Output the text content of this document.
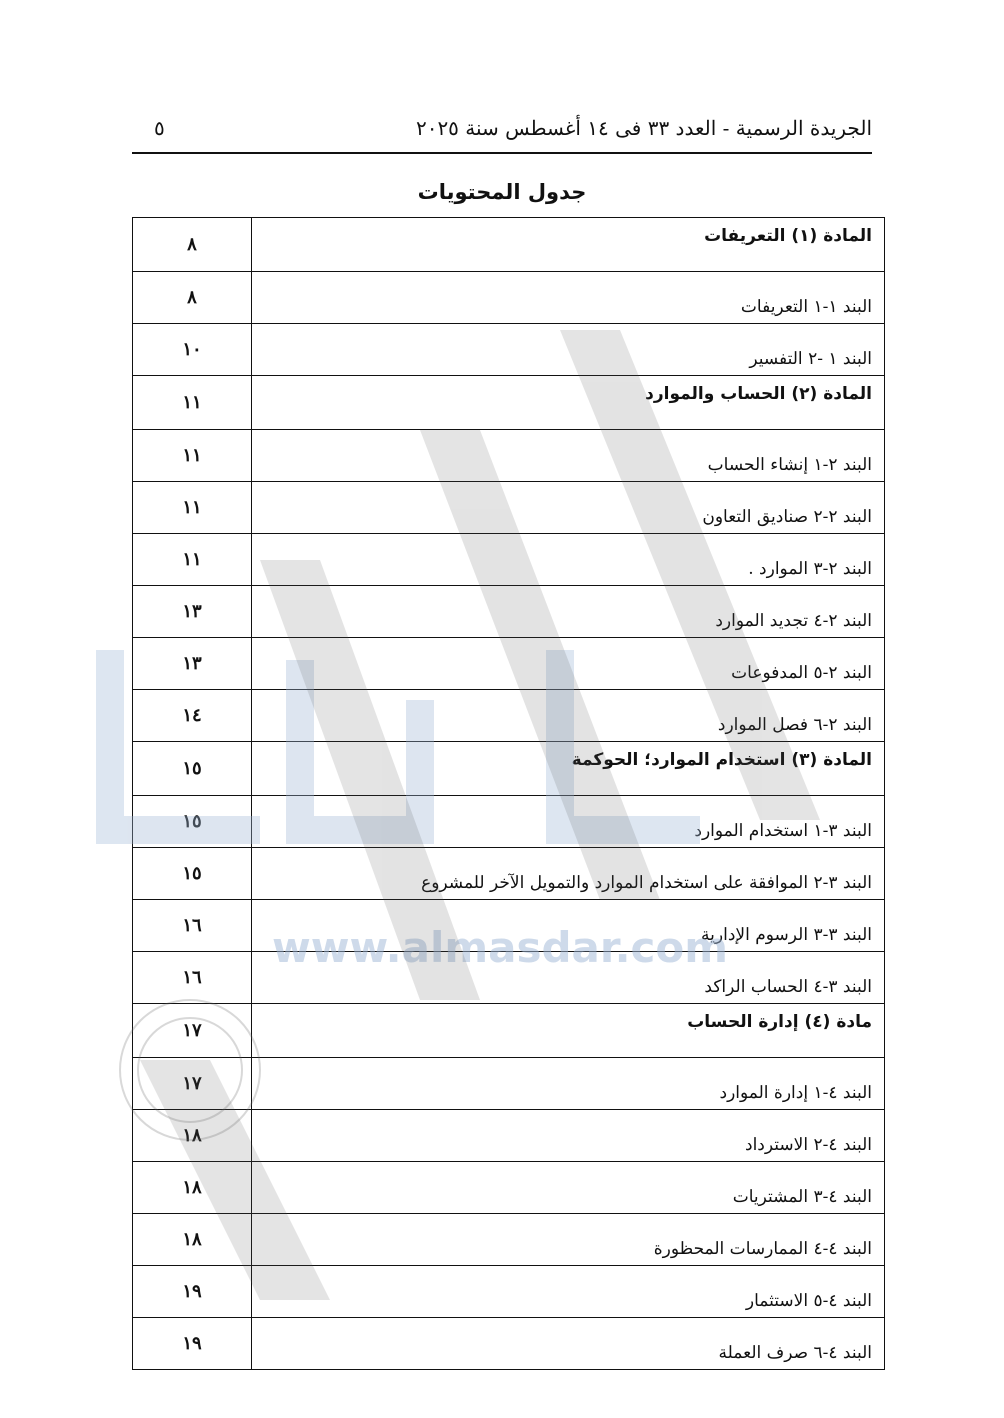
الجريدة الرسمية - العدد ٣٣ فى ١٤ أغسطس سنة ٢٠٢٥
٥
جدول المحتويات
المادة (١) التعريفات	٨
البند ١-١ التعريفات	٨
البند ١ -٢ التفسير	١٠
المادة (٢) الحساب والموارد	١١
البند ٢-١ إنشاء الحساب	١١
البند ٢-٢ صناديق التعاون	١١
البند ٢-٣ الموارد .	١١
البند ٢-٤ تجديد الموارد	١٣
البند ٢-٥ المدفوعات	١٣
البند ٢-٦ فصل الموارد	١٤
المادة (٣) استخدام الموارد؛ الحوكمة	١٥
البند ٣-١ استخدام الموارد	١٥
البند ٣-٢ الموافقة على استخدام الموارد والتمويل الآخر للمشروع	١٥
البند ٣-٣ الرسوم الإدارية	١٦
البند ٣-٤ الحساب الراكد	١٦
مادة (٤) إدارة الحساب	١٧
البند ٤-١ إدارة الموارد	١٧
البند ٤-٢ الاسترداد	١٨
البند ٤-٣ المشتريات	١٨
البند ٤-٤ الممارسات المحظورة	١٨
البند ٤-٥ الاستثمار	١٩
البند ٤-٦ صرف العملة	١٩
www.almasdar.com
